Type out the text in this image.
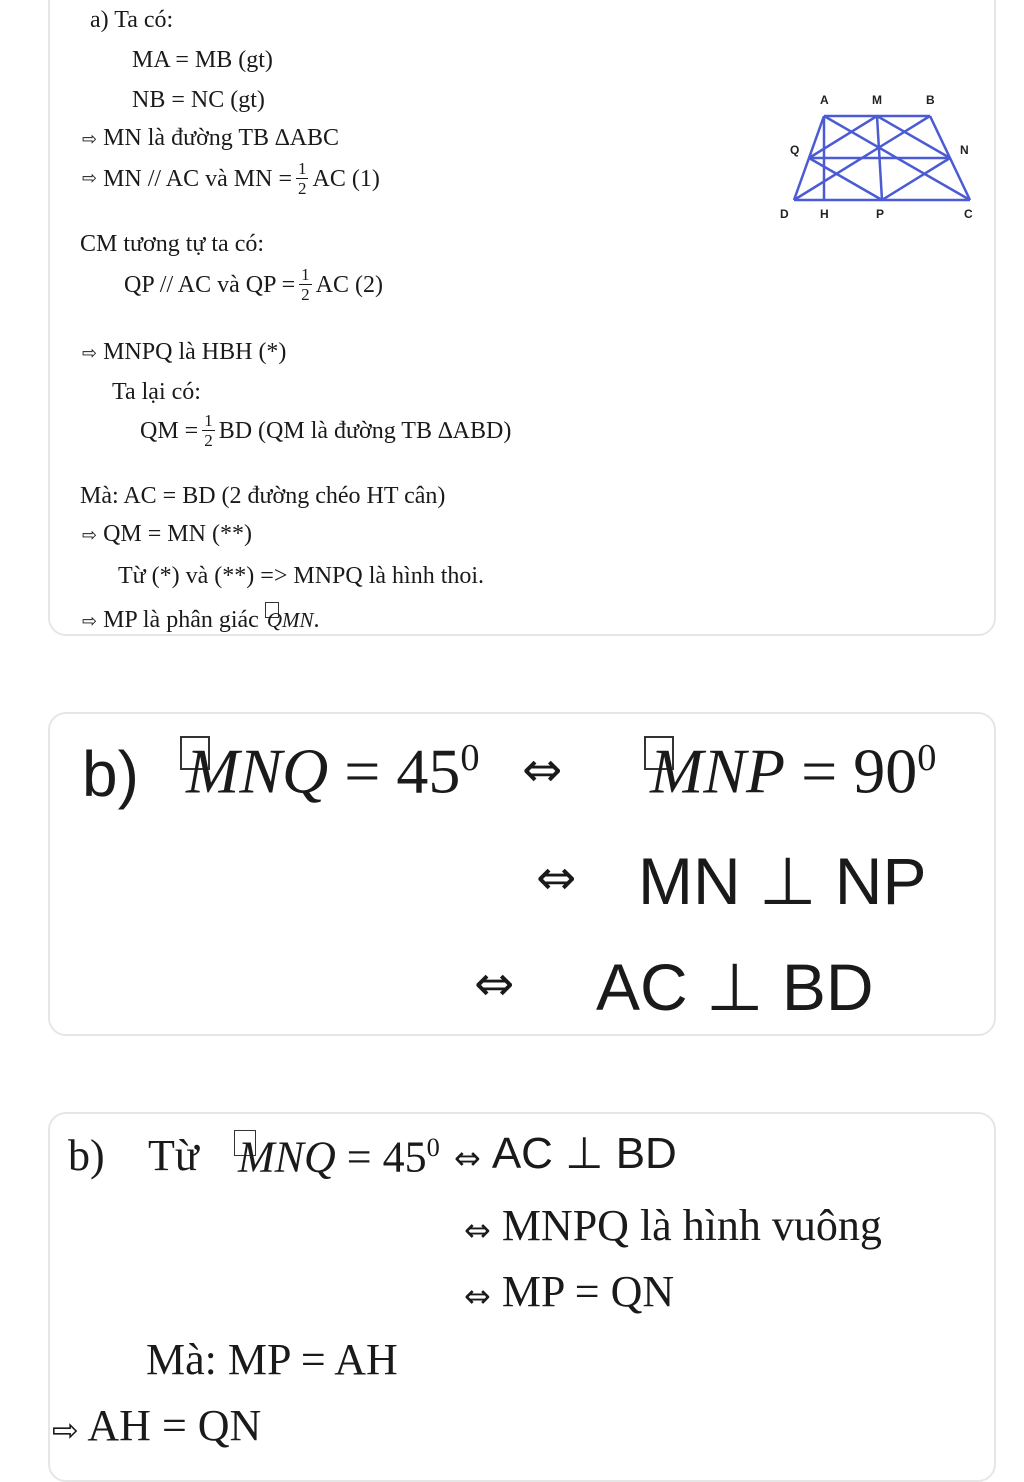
a) Ta có:
MA = MB (gt)
NB = NC (gt)
⇨ MN là đường TB ∆ABC
⇨ MN // AC và MN = $\frac{1}{2}$ AC (1)
CM tương tự ta có:
QP // AC và QP = $\frac{1}{2}$ AC (2)
⇨ MNPQ là HBH (*)
Ta lại có:
QM = $\frac{1}{2}$ BD (QM là đường TB ∆ABD)
Mà: AC = BD (2 đường chéo HT cân)
⇨ QM = MN (**)
Từ (*) và (**) => MNPQ là hình thoi.
⇨ MP là phân giác QMN.
A	M	B
Q	N
D	H	P	C
b) MNQ = $45^0$ ⇔ MNP = $90^0$
⇔ MN ⊥ NP
⇔ AC ⊥ BD
b) Từ MNQ = $45^0$ ⇔ AC ⊥ BD
⇔ MNPQ là hình vuông
⇔ MP = QN
Mà: MP = AH
⇨ AH = QN
